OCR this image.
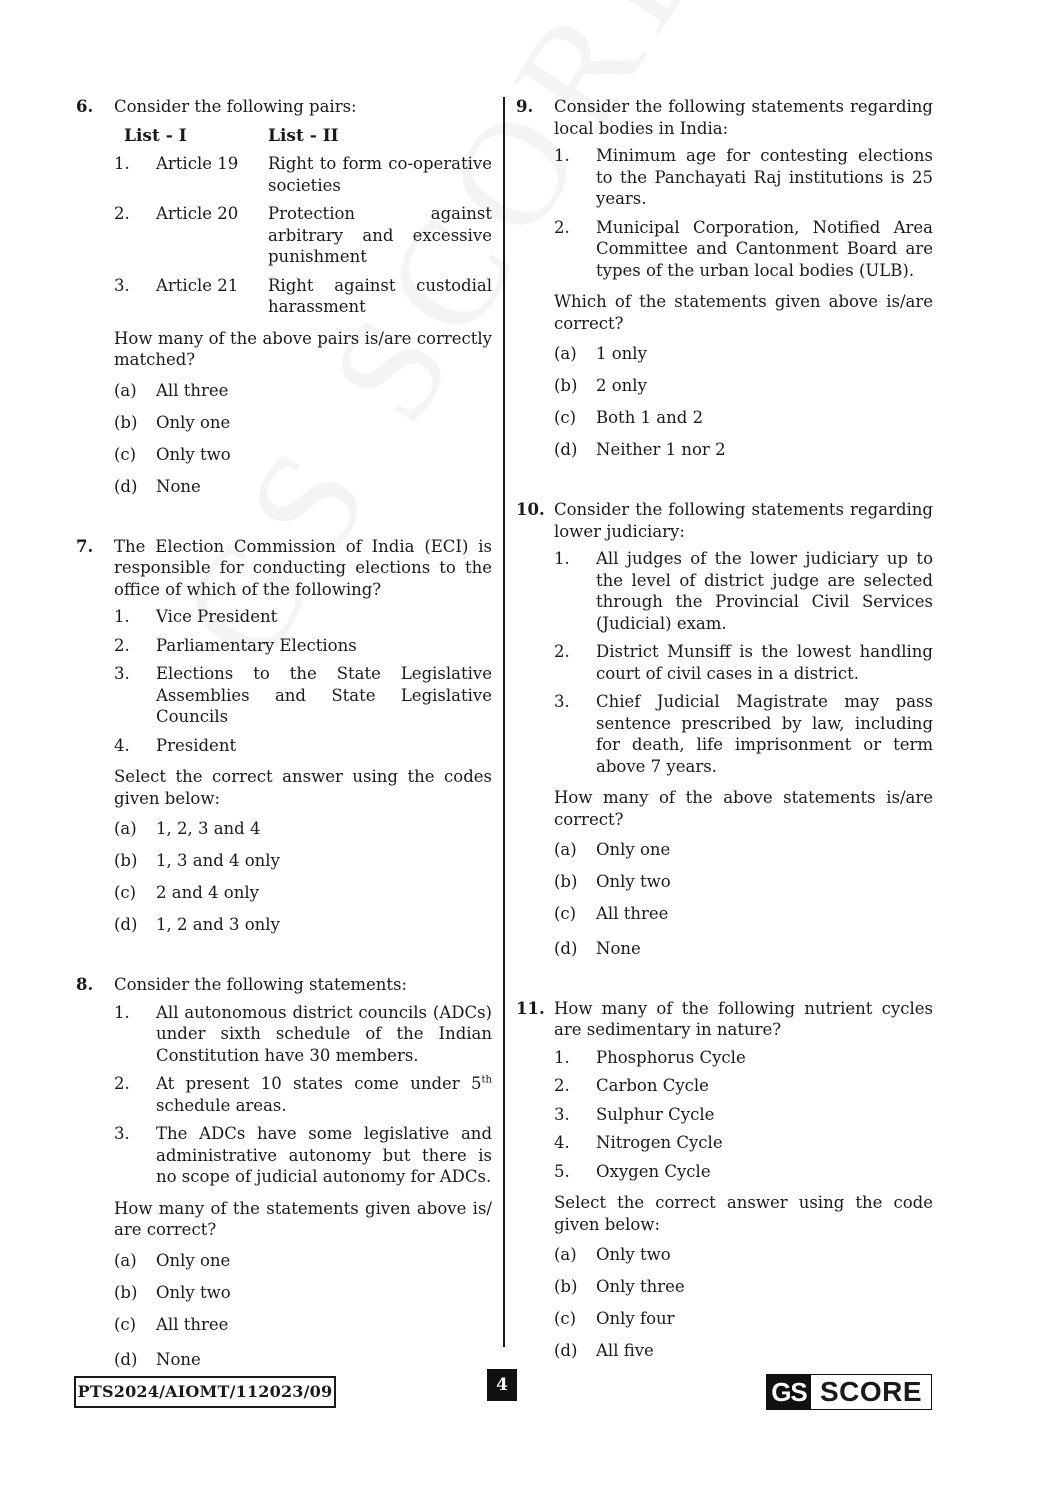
6.	Consider the following pairs:
List - I		List - II
1.	Article 19	Right to form co-operative societies
2.	Article 20	Protection against arbitrary and excessive punishment
3.	Article 21	Right against custodial harassment
How many of the above pairs is/are correctly matched?
(a)	All three
(b)	Only one
(c)	Only two
(d)	None
7.	The Election Commission of India (ECI) is responsible for conducting elections to the office of which of the following?
1.	Vice President
2.	Parliamentary Elections
3.	Elections to the State Legislative Assemblies and State Legislative Councils
4.	President
Select the correct answer using the codes given below:
(a)	1, 2, 3 and 4
(b)	1, 3 and 4 only
(c)	2 and 4 only
(d)	1, 2 and 3 only
8.	Consider the following statements:
1.	All autonomous district councils (ADCs) under sixth schedule of the Indian Constitution have 30 members.
2.	At present 10 states come under 5th schedule areas.
3.	The ADCs have some legislative and administrative autonomy but there is no scope of judicial autonomy for ADCs.
How many of the statements given above is/ are correct?
(a)	Only one
(b)	Only two
(c)	All three
(d)	None
9.	Consider the following statements regarding local bodies in India:
1.	Minimum age for contesting elections to the Panchayati Raj institutions is 25 years.
2.	Municipal Corporation, Notified Area Committee and Cantonment Board are types of the urban local bodies (ULB).
Which of the statements given above is/are correct?
(a)	1 only
(b)	2 only
(c)	Both 1 and 2
(d)	Neither 1 nor 2
10. Consider the following statements regarding lower judiciary:
1.	All judges of the lower judiciary up to the level of district judge are selected through the Provincial Civil Services (Judicial) exam.
2.	District Munsiff is the lowest handling court of civil cases in a district.
3.	Chief Judicial Magistrate may pass sentence prescribed by law, including for death, life imprisonment or term above 7 years.
How many of the above statements is/are correct?
(a)	Only one
(b)	Only two
(c)	All three
(d)	None
11. How many of the following nutrient cycles are sedimentary in nature?
1.	Phosphorus Cycle
2.	Carbon Cycle
3.	Sulphur Cycle
4.	Nitrogen Cycle
5.	Oxygen Cycle
Select the correct answer using the code given below:
(a)	Only two
(b)	Only three
(c)	Only four
(d)	All five
PTS2024/AIOMT/112023/09	4	GS SCORE
